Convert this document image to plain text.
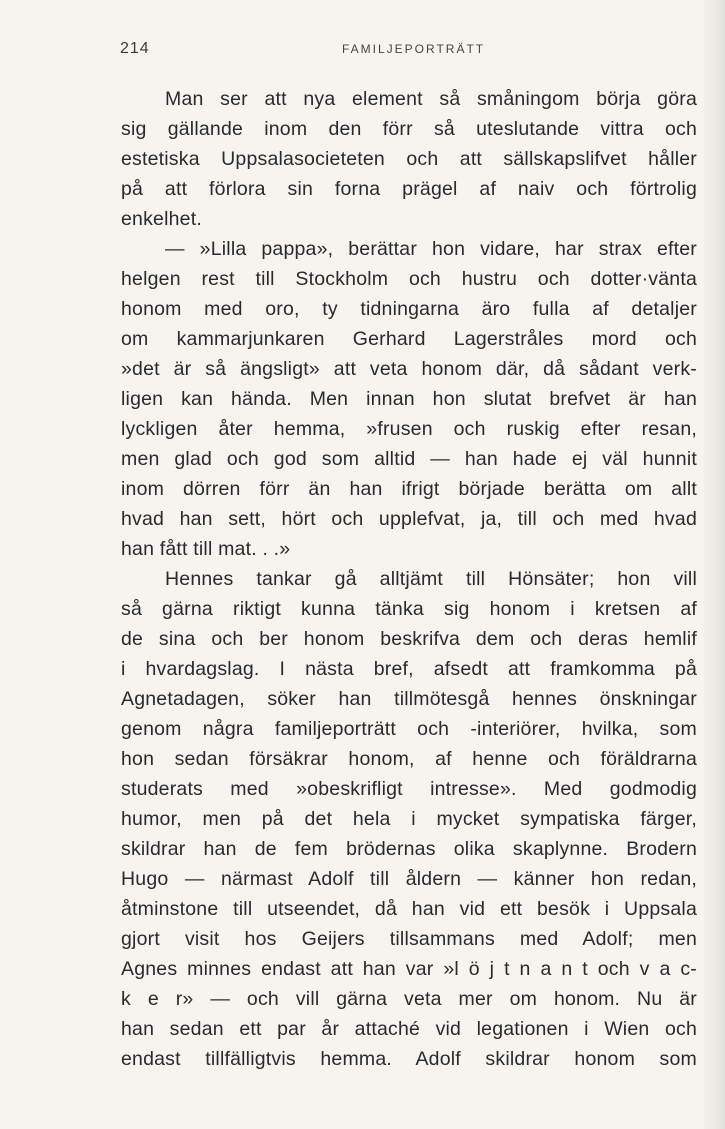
214	FAMILJEPORTRÄTT
Man ser att nya element så småningom börja göra
sig gällande inom den förr så uteslutande vittra och
estetiska Uppsalasocieteten och att sällskapslifvet håller
på att förlora sin forna prägel af naiv och förtrolig
enkelhet.
— »Lilla pappa», berättar hon vidare, har strax efter
helgen rest till Stockholm och hustru och dotter·vänta
honom med oro, ty tidningarna äro fulla af detaljer
om kammarjunkaren Gerhard Lagerstråles mord och
»det är så ängsligt» att veta honom där, då sådant verk-
ligen kan hända. Men innan hon slutat brefvet är han
lyckligen åter hemma, »frusen och ruskig efter resan,
men glad och god som alltid — han hade ej väl hunnit
inom dörren förr än han ifrigt började berätta om allt
hvad han sett, hört och upplefvat, ja, till och med hvad
han fått till mat. . .»
Hennes tankar gå alltjämt till Hönsäter; hon vill
så gärna riktigt kunna tänka sig honom i kretsen af
de sina och ber honom beskrifva dem och deras hemlif
i hvardagslag. I nästa bref, afsedt att framkomma på
Agnetadagen, söker han tillmötesgå hennes önskningar
genom några familjeporträtt och -interiörer, hvilka, som
hon sedan försäkrar honom, af henne och föräldrarna
studerats med »obeskrifligt intresse». Med godmodig
humor, men på det hela i mycket sympatiska färger,
skildrar han de fem brödernas olika skaplynne. Brodern
Hugo — närmast Adolf till åldern — känner hon redan,
åtminstone till utseendet, då han vid ett besök i Uppsala
gjort visit hos Geijers tillsammans med Adolf; men
Agnes minnes endast att han var »l ö j t n a n t och v a c-
k e r» — och vill gärna veta mer om honom. Nu är
han sedan ett par år attaché vid legationen i Wien och
endast tillfälligtvis hemma. Adolf skildrar honom som
